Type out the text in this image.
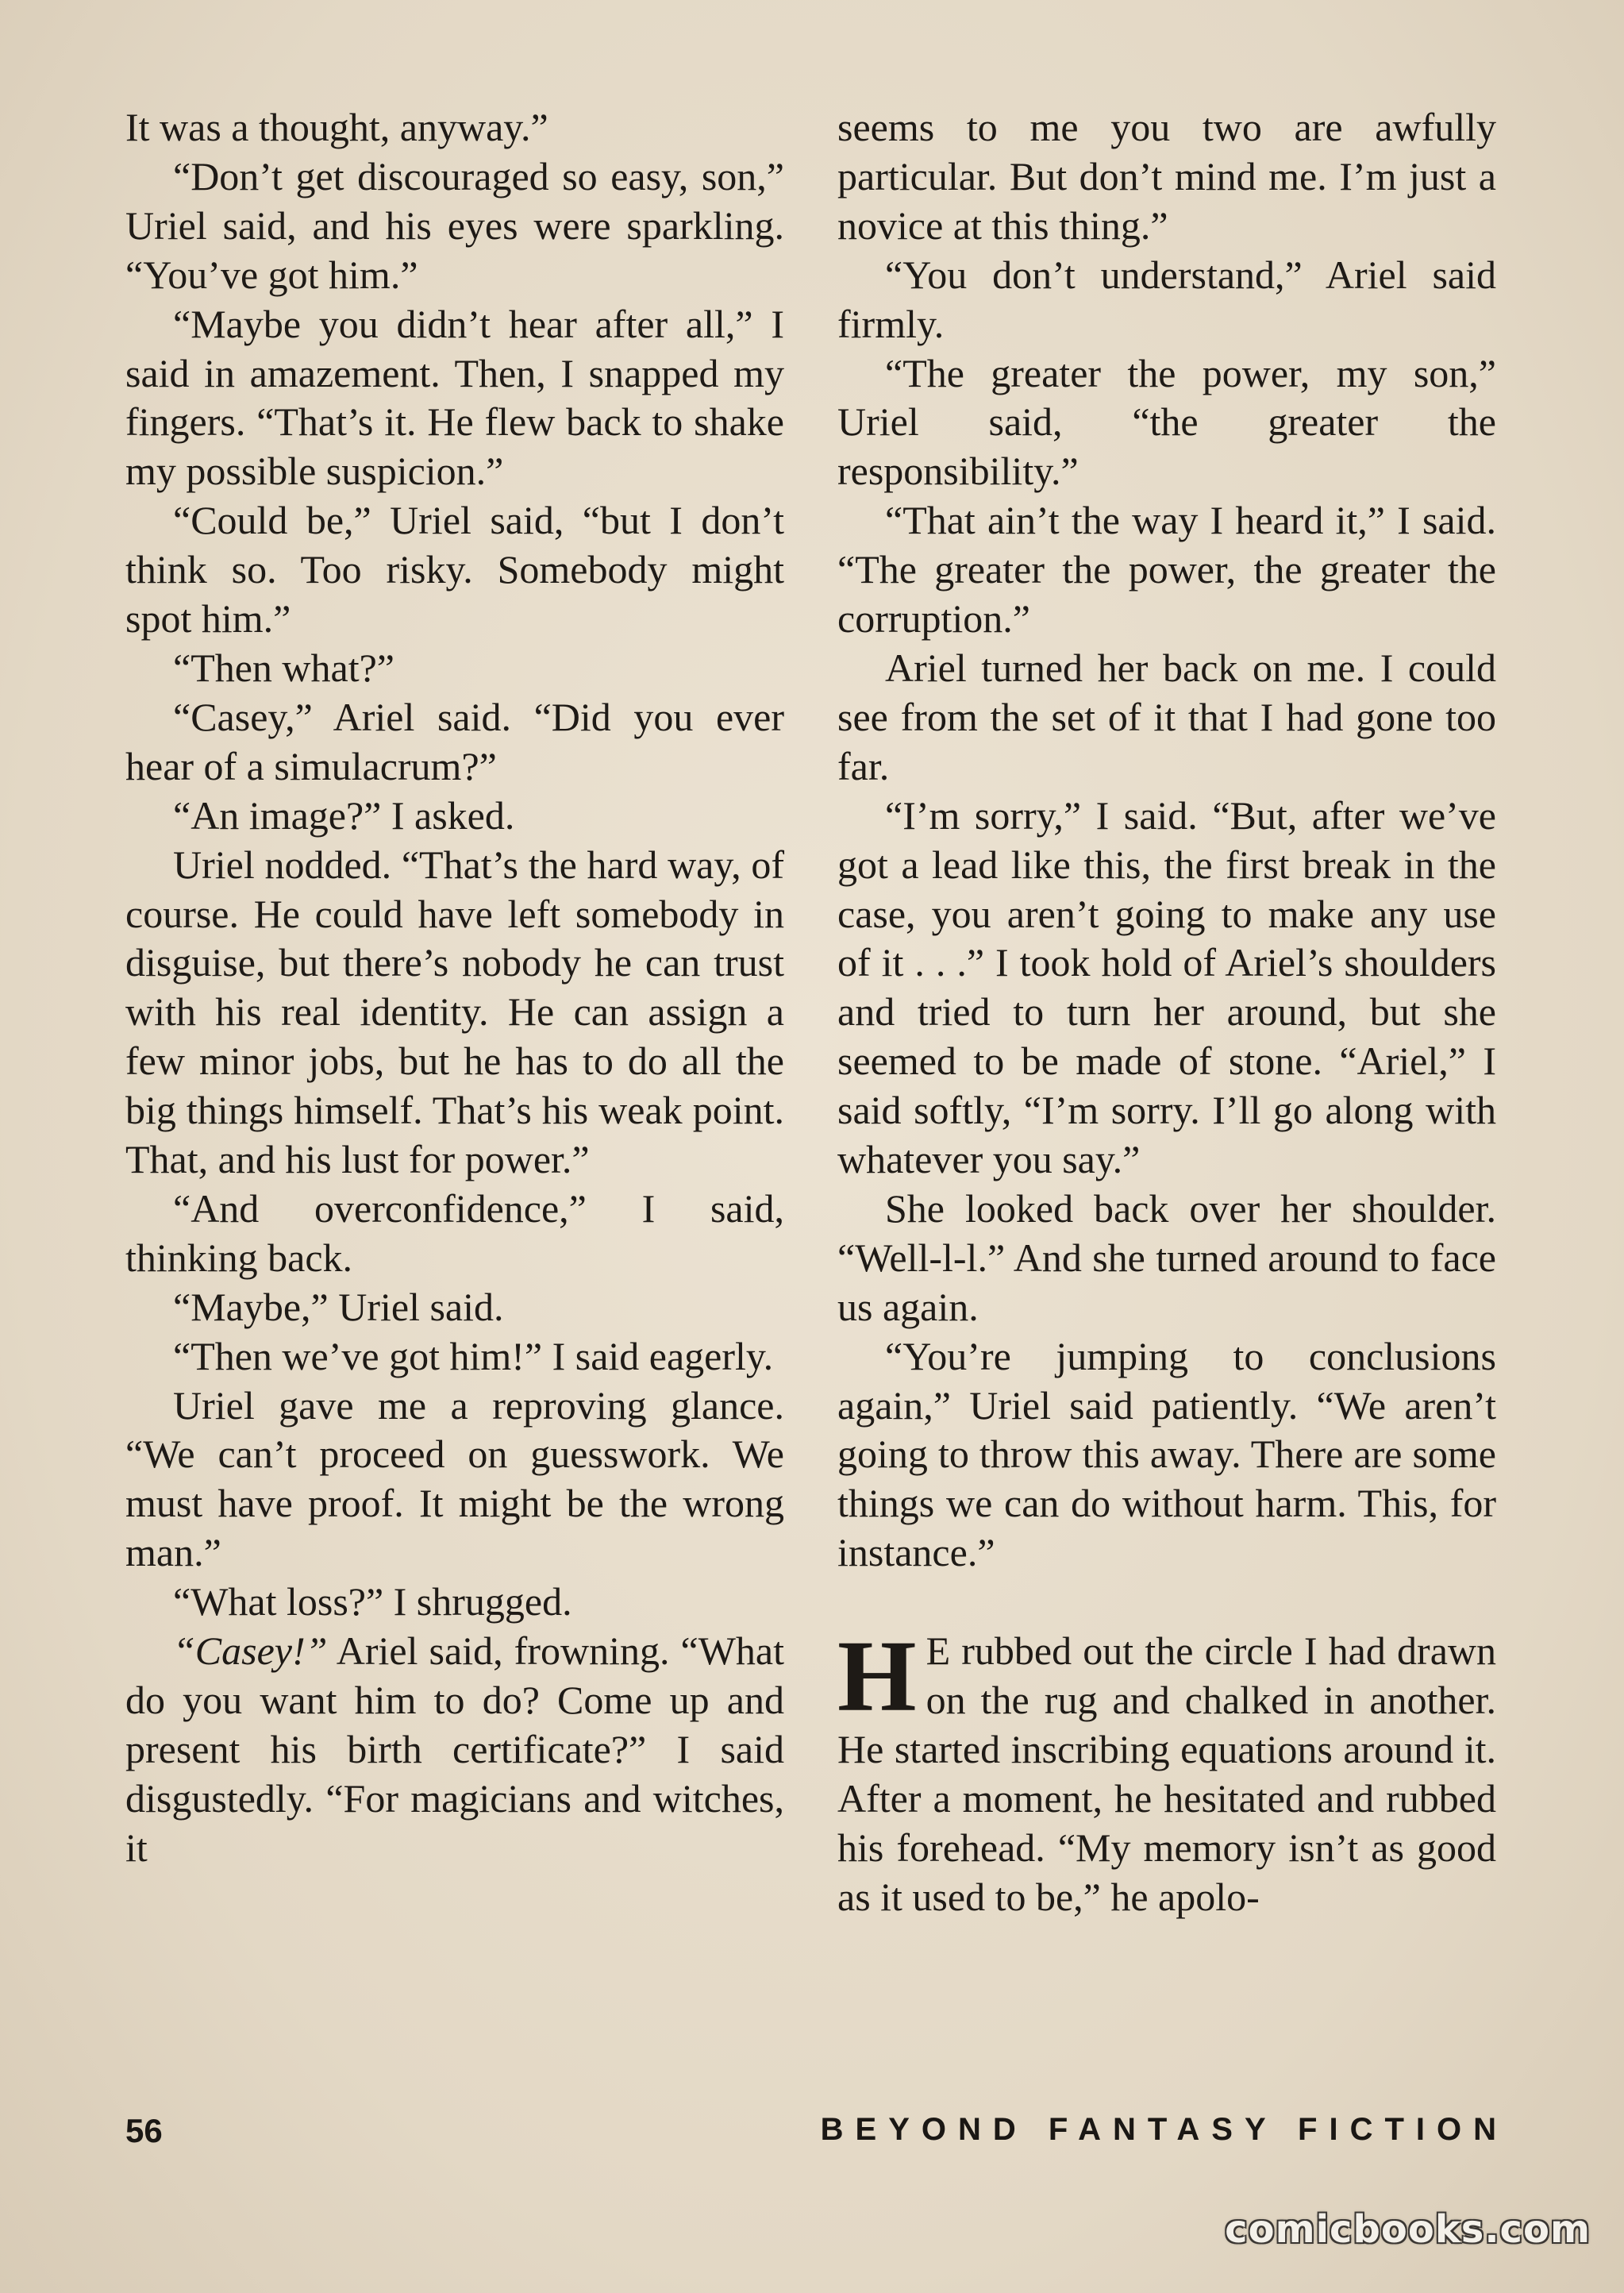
It was a thought, anyway.”

“Don’t get discouraged so easy, son,” Uriel said, and his eyes were sparkling. “You’ve got him.”

“Maybe you didn’t hear after all,” I said in amazement. Then, I snapped my fingers. “That’s it. He flew back to shake my possible suspicion.”

“Could be,” Uriel said, “but I don’t think so. Too risky. Somebody might spot him.”

“Then what?”

“Casey,” Ariel said. “Did you ever hear of a simulacrum?”

“An image?” I asked.

Uriel nodded. “That’s the hard way, of course. He could have left somebody in disguise, but there’s nobody he can trust with his real identity. He can assign a few minor jobs, but he has to do all the big things himself. That’s his weak point. That, and his lust for power.”

“And overconfidence,” I said, thinking back.

“Maybe,” Uriel said.

“Then we’ve got him!” I said eagerly.

Uriel gave me a reproving glance. “We can’t proceed on guesswork. We must have proof. It might be the wrong man.”

“What loss?” I shrugged.

“Casey!” Ariel said, frowning. “What do you want him to do? Come up and present his birth certificate?” I said disgustedly. “For magicians and witches, it

seems to me you two are awfully particular. But don’t mind me. I’m just a novice at this thing.”

“You don’t understand,” Ariel said firmly.

“The greater the power, my son,” Uriel said, “the greater the responsibility.”

“That ain’t the way I heard it,” I said. “The greater the power, the greater the corruption.”

Ariel turned her back on me. I could see from the set of it that I had gone too far.

“I’m sorry,” I said. “But, after we’ve got a lead like this, the first break in the case, you aren’t going to make any use of it . . .” I took hold of Ariel’s shoulders and tried to turn her around, but she seemed to be made of stone. “Ariel,” I said softly, “I’m sorry. I’ll go along with whatever you say.”

She looked back over her shoulder. “Well-l-l.” And she turned around to face us again.

“You’re jumping to conclusions again,” Uriel said patiently. “We aren’t going to throw this away. There are some things we can do without harm. This, for instance.”

H E rubbed out the circle I had drawn on the rug and chalked in another. He started inscribing equations around it. After a moment, he hesitated and rubbed his forehead. “My memory isn’t as good as it used to be,” he apolo-

56	BEYOND FANTASY FICTION
comicbooks.com
